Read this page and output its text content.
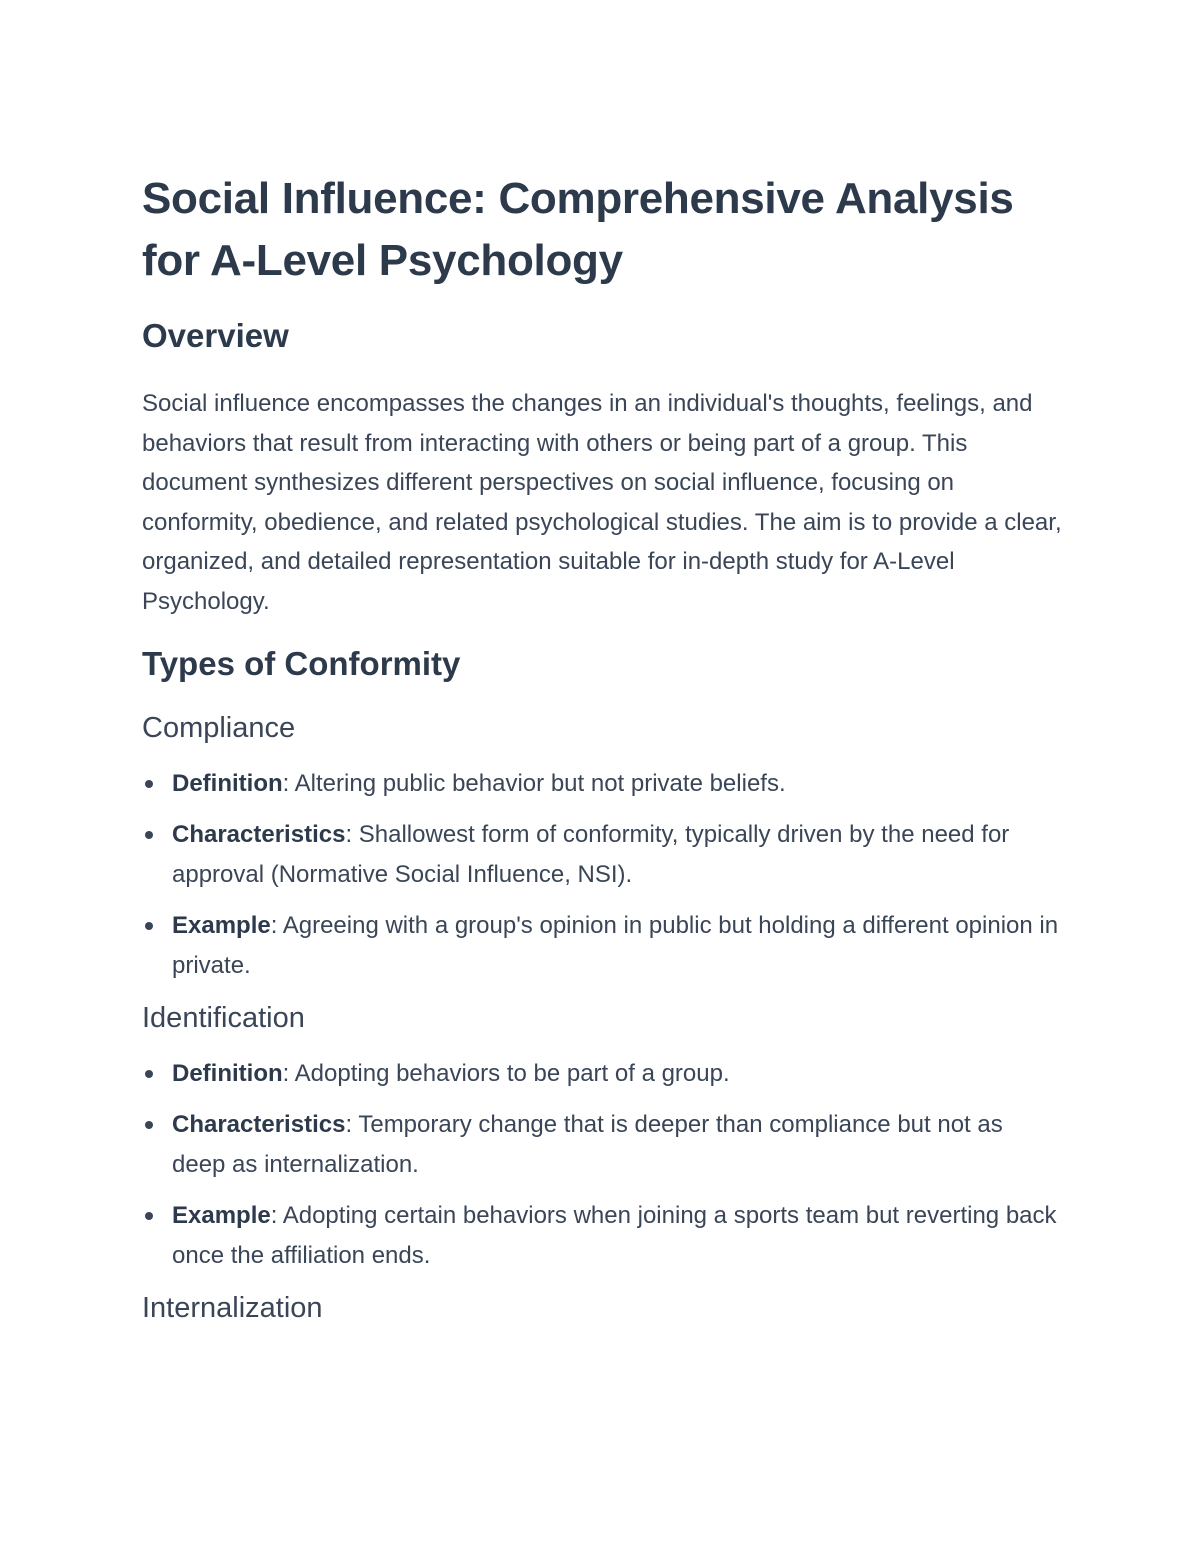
Social Influence: Comprehensive Analysis for A-Level Psychology
Overview

Social influence encompasses the changes in an individual's thoughts, feelings, and behaviors that result from interacting with others or being part of a group. This document synthesizes different perspectives on social influence, focusing on conformity, obedience, and related psychological studies. The aim is to provide a clear, organized, and detailed representation suitable for in-depth study for A-Level Psychology.

Types of Conformity
Compliance
Definition: Altering public behavior but not private beliefs.
Characteristics: Shallowest form of conformity, typically driven by the need for approval (Normative Social Influence, NSI).
Example: Agreeing with a group's opinion in public but holding a different opinion in private.
Identification
Definition: Adopting behaviors to be part of a group.
Characteristics: Temporary change that is deeper than compliance but not as deep as internalization.
Example: Adopting certain behaviors when joining a sports team but reverting back once the affiliation ends.
Internalization
